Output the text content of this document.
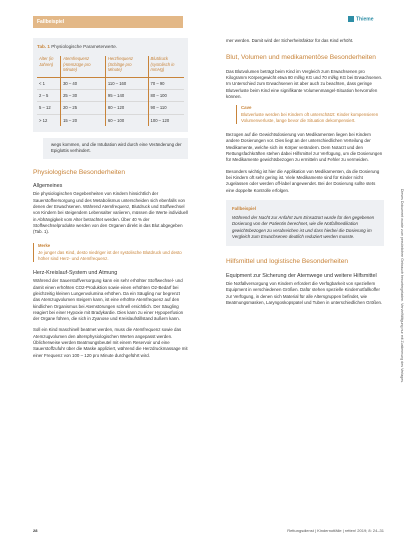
Fallbeispiel	Thieme
Tab. 1 Physiologische Parameterwerte.
Alter (in Jahren)	Atemfrequenz (Atemzüge pro Minute)	Herzfrequenz (Schläge pro Minute)	Blutdruck (systolisch in mmHg)
< 1	30 – 40	110 – 160	70 – 90
2 – 5	25 – 30	95 – 140	80 – 100
5 – 12	20 – 25	80 – 120	90 – 110
> 12	15 – 20	60 – 100	100 – 120
wegs kommen, und die Intubation wird durch eine Veränderung der Epiglottis verhindert.
Physiologische Besonderheiten
Allgemeines

Die physiologischen Gegebenheiten von Kindern hinsichtlich der Sauerstoffversorgung und des Metabolismus unterscheiden sich ebenfalls von denen der Erwachsenen. Während Atemfrequenz, Blutdruck und Stoffwechsel von Kindern bei steigendem Lebensalter variieren, müssen die Werte individuell in Abhängigkeit vom Alter betrachtet werden. Über 40 % der Stoffwechselprodukte werden von den Organen direkt in das Blut abgegeben (Tab. 1).

Merke
Je junger das Kind, desto niedriger ist der systolische Blutdruck und desto höher sind Herz- und Atemfrequenz.
Herz-Kreislauf-System und Atmung

Während der Sauerstoffversorgung kann ein sehr erhöhter Stoffwechsel- und damit einen erhöhten CO2-Produktion sowie einen erhöhten O2-Bedarf bei gleichzeitig kleinen Lungenvolumina erhöhen. Da ein Säugling nur begrenzt das Atemzugvolumen steigern kann, ist eine erhöhte Atemfrequenz auf den kindlichen Organismus bei Atemstörungen schnell ersichtlich. Der Säugling reagiert bei einer Hypoxie mit Bradykardie. Dies kann zu einer Hypoperfusion der Organe führen, die sich in Zyanose und Kreislaufstillstand äußern kann.

Soll ein Kind maschinell beatmet werden, muss die Atemfrequenz sowie das Atemzugvolumen den altersphysiologischen Werten angepasst werden. Üblicherweise werden Beatmungsbeutel mit einem Reservoir und eine Sauerstoffzufuhr über die Maske appliziert, während die Herzdruckmassage mit einer Frequenz von 100 – 120 pro Minute durchgeführt wird.

mer werden. Damit wird der Sicherheitsfaktor für das Kind erhöht.

Blut, Volumen und medikamentöse Besonderheiten

Das Blutvolumen beträgt beim Kind im Vergleich zum Erwachsenen pro Kilogramm Körpergewicht etwa 80 ml/kg KG und 70 ml/kg KG bei Erwachsenen. Im Unterschied zum Erwachsenen ist aber auch zu beachten, dass geringe Blutverluste beim Kind eine signifikante Volumenmangel-Situation hervorrufen können.

Cave
Blutverluste werden bei Kindern oft unterschätzt: Kinder kompensieren Volumenverluste, lange bevor die Situation dekompensiert.

Bezogen auf die Gewichtsdosierung von Medikamenten liegen bei Kindern andere Dosierungen vor. Dies liegt an der unterschiedlichen Verteilung der Medikamente, welche sich im Körper verändern. Dem Notarzt und den Rettungsfachkräften stehen dabei Hilfsmittel zur Verfügung, um die Dosierungen für Medikamente gewichtsbezogen zu ermitteln und Fehler zu vermeiden.

Besonders wichtig ist hier die Applikation von Medikamenten, da die Dosierung bei Kindern oft sehr gering ist. Viele Medikamente sind für Kinder nicht zugelassen oder werden off-label angewendet. Bei der Dosierung sollte stets eine doppelte Kontrolle erfolgen.

Fallbeispiel
Während der Nacht zur Anfahrt zum Einsatzort wurde für den gegebenen Dosierung von der Patientin berechnet, wie die Notfallmedikation gewichtsbezogen zu verabreichen ist und dass hierbei die Dosierung im Vergleich zum Erwachsenen deutlich reduziert werden musste.
Hilfsmittel und logistische Besonderheiten
Equipment zur Sicherung der Atemwege und weitere Hilfsmittel

Die Notfallversorgung von Kindern erfordert die Verfügbarkeit von speziellem Equipment in verschiedenen Größen. Dafür stehen spezielle Kindernotfallkoffer zur Verfügung, in denen sich Material für alle Altersgruppen befindet, wie Beatmungsmasken, Laryngoskopspatel und Tuben in unterschiedlichen Größen.	Dieses Dokument wurde zum persönlichen Gebrauch heruntergeladen. Vervielfältigung nur mit Zustimmung des Verlages.
28	Rettungsdienst | Kindernotfälle | retten! 2019; 8: 24–31
